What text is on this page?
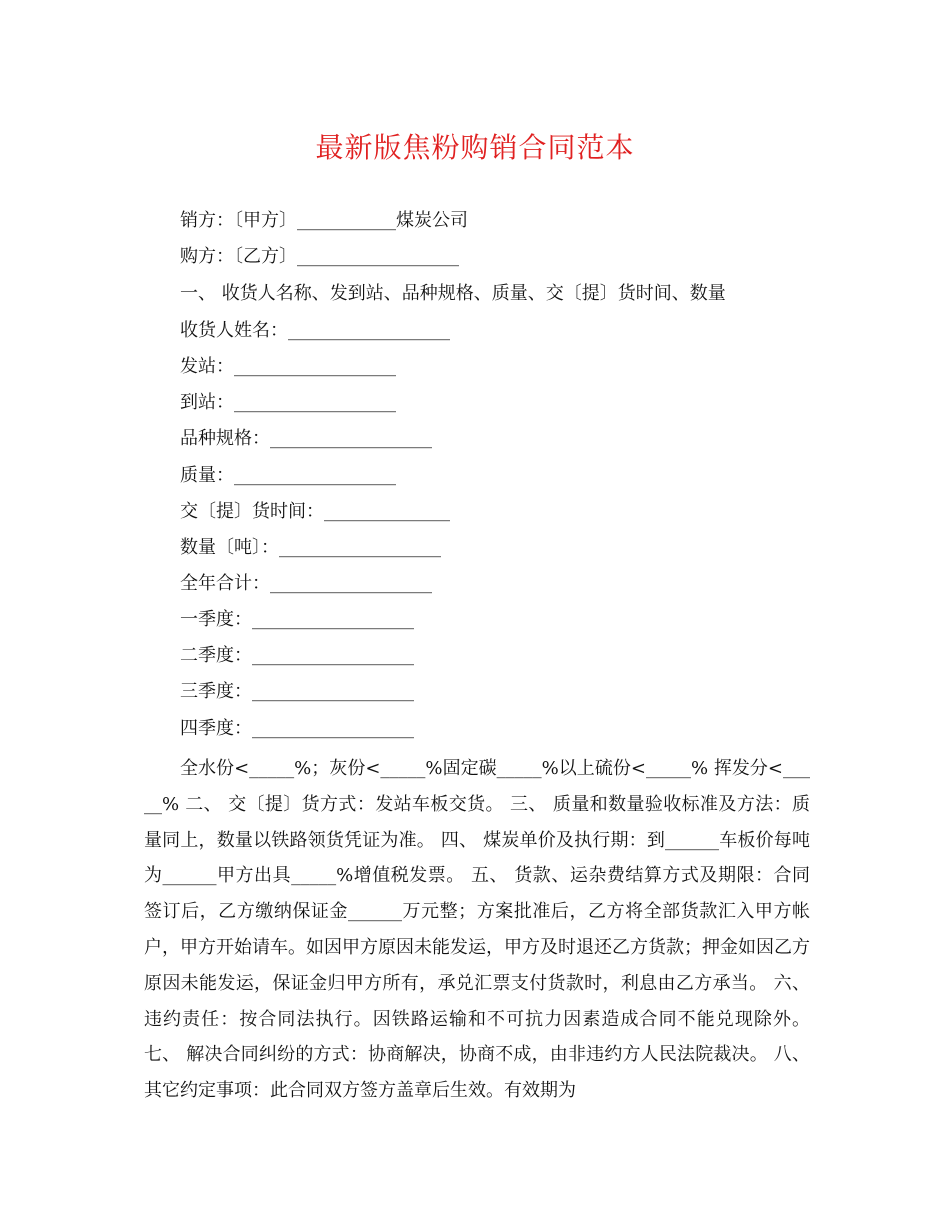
最新版焦粉购销合同范本
销方：〔甲方〕___________煤炭公司
购方：〔乙方〕__________________
一、 收货人名称、发到站、品种规格、质量、交〔提〕货时间、数量
收货人姓名：__________________
发站：__________________
到站：__________________
品种规格：__________________
质量：__________________
交〔提〕货时间：______________
数量〔吨〕：__________________
全年合计：__________________
一季度：__________________
二季度：__________________
三季度：__________________
四季度：__________________
全水份<_____%；灰份<_____%固定碳_____%以上硫份<_____% 挥发分<_____% 二、 交〔提〕货方式：发站车板交货。 三、 质量和数量验收标准及方法：质量同上，数量以铁路领货凭证为准。 四、 煤炭单价及执行期：到______车板价每吨为______甲方出具_____%增值税发票。 五、 货款、运杂费结算方式及期限：合同签订后，乙方缴纳保证金______万元整；方案批准后，乙方将全部货款汇入甲方帐户，甲方开始请车。如因甲方原因未能发运，甲方及时退还乙方货款；押金如因乙方原因未能发运，保证金归甲方所有，承兑汇票支付货款时，利息由乙方承当。 六、 违约责任：按合同法执行。因铁路运输和不可抗力因素造成合同不能兑现除外。 七、 解决合同纠纷的方式：协商解决，协商不成，由非违约方人民法院裁决。 八、 其它约定事项：此合同双方签方盖章后生效。有效期为
